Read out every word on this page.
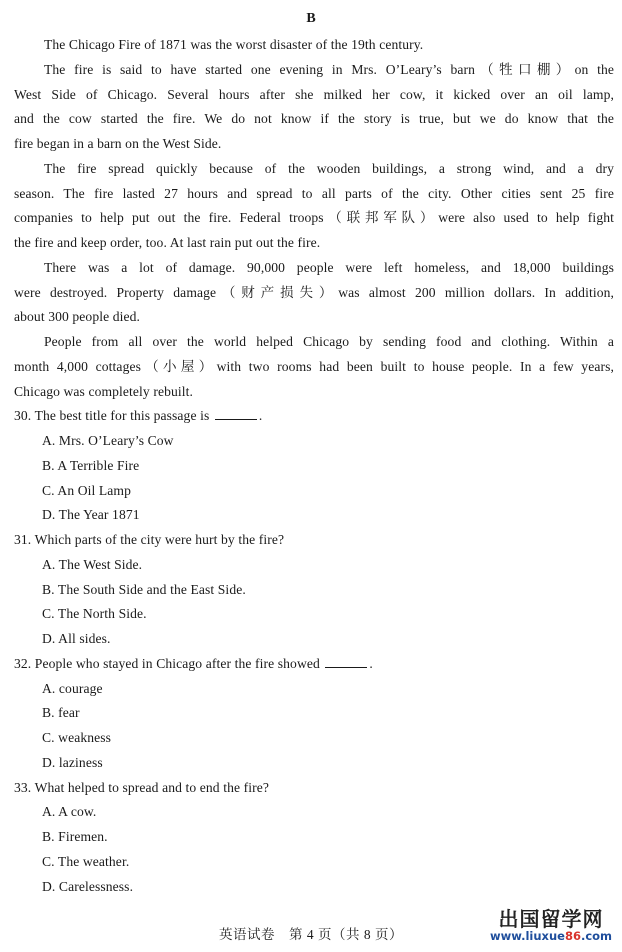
B
The Chicago Fire of 1871 was the worst disaster of the 19th century.
The fire is said to have started one evening in Mrs. O’Leary’s barn（牲口棚）on the
West Side of Chicago. Several hours after she milked her cow, it kicked over an oil lamp,
and the cow started the fire. We do not know if the story is true, but we do know that the
fire began in a barn on the West Side.
The fire spread quickly because of the wooden buildings, a strong wind, and a dry
season. The fire lasted 27 hours and spread to all parts of the city. Other cities sent 25 fire
companies to help put out the fire. Federal troops（联邦军队）were also used to help fight
the fire and keep order, too. At last rain put out the fire.
There was a lot of damage. 90,000 people were left homeless, and 18,000 buildings
were destroyed. Property damage（财产损失）was almost 200 million dollars. In addition,
about 300 people died.
People from all over the world helped Chicago by sending food and clothing. Within a
month 4,000 cottages（小屋）with two rooms had been built to house people. In a few years,
Chicago was completely rebuilt.
30. The best title for this passage is	.
A. Mrs. O’Leary’s Cow
B. A Terrible Fire
C. An Oil Lamp
D. The Year 1871
31. Which parts of the city were hurt by the fire?
A. The West Side.
B. The South Side and the East Side.
C. The North Side.
D. All sides.
32. People who stayed in Chicago after the fire showed	.
A. courage
B. fear
C. weakness
D. laziness
33. What helped to spread and to end the fire?
A. A cow.
B. Firemen.
C. The weather.
D. Carelessness.
英语试卷　第 4 页（共 8 页）
出国留学网
www.liuxue86.com
